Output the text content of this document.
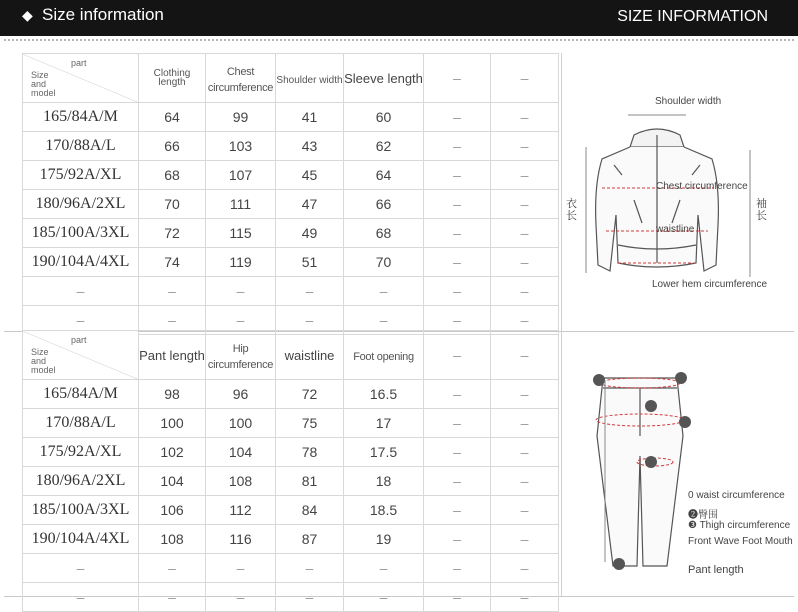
◆ Size information	SIZE INFORMATION
part
Size
and
model	Clothing length	Chest circumference	Shoulder width	Sleeve length	–	–
165/84A/M	64	99	41	60	–	–
170/88A/L	66	103	43	62	–	–
175/92A/XL	68	107	45	64	–	–
180/96A/2XL	70	111	47	66	–	–
185/100A/3XL	72	115	49	68	–	–
190/104A/4XL	74	119	51	70	–	–
–	–	–	–	–	–	–
–	–	–	–	–	–	–
part
Size
and
model	Pant length	Hip circumference	waistline	Foot opening	–	–
165/84A/M	98	96	72	16.5	–	–
170/88A/L	100	100	75	17	–	–
175/92A/XL	102	104	78	17.5	–	–
180/96A/2XL	104	108	81	18	–	–
185/100A/3XL	106	112	84	18.5	–	–
190/104A/4XL	108	116	87	19	–	–
–	–	–	–	–	–	–
–	–	–	–	–	–	–
Shoulder width
Chest circumference
waistline
Lower hem circumference
衣长
袖长
0 waist circumference
❷臀围
❸ Thigh circumference
Front Wave Foot Mouth
Pant length
